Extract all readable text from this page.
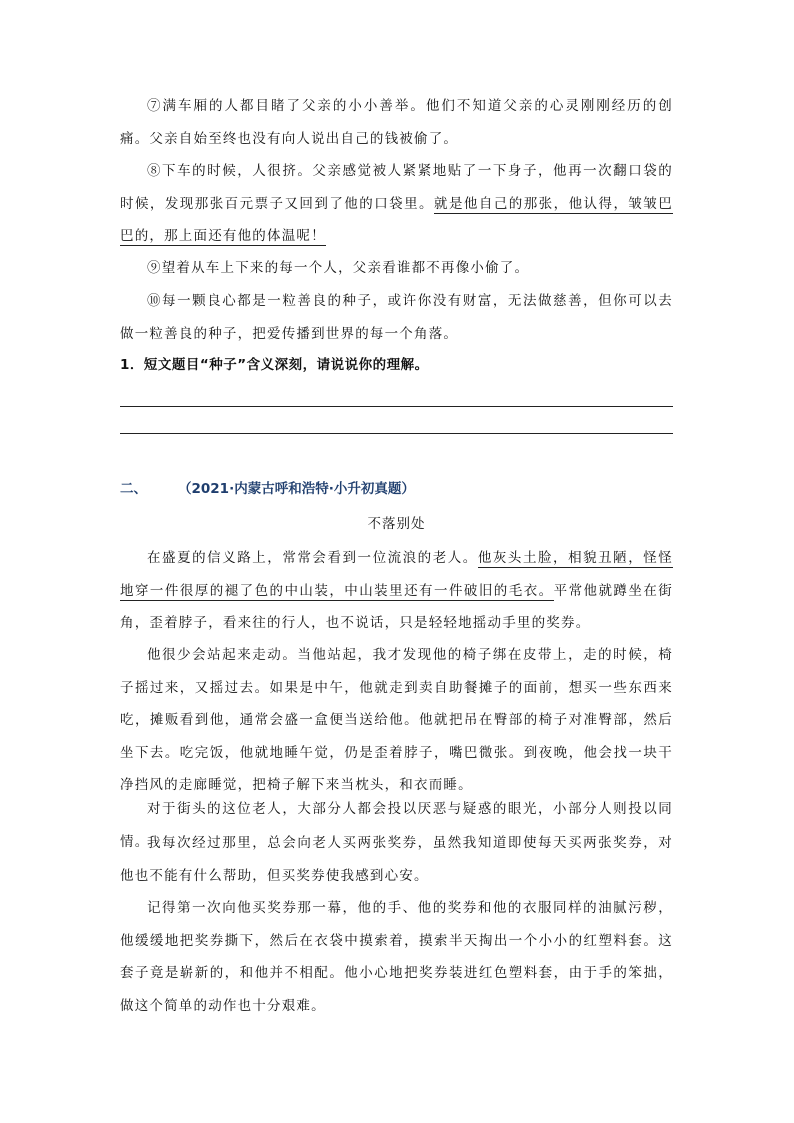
⑦满车厢的人都目睹了父亲的小小善举。他们不知道父亲的心灵刚刚经历的创痛。父亲自始至终也没有向人说出自己的钱被偷了。

⑧下车的时候，人很挤。父亲感觉被人紧紧地贴了一下身子，他再一次翻口袋的时候，发现那张百元票子又回到了他的口袋里。就是他自己的那张，他认得，皱皱巴巴的，那上面还有他的体温呢！

⑨望着从车上下来的每一个人，父亲看谁都不再像小偷了。

⑩每一颗良心都是一粒善良的种子，或许你没有财富，无法做慈善，但你可以去做一粒善良的种子，把爱传播到世界的每一个角落。

1．短文题目“种子”含义深刻，请说说你的理解。
二、 （2021·内蒙古呼和浩特·小升初真题）
不落别处

在盛夏的信义路上，常常会看到一位流浪的老人。他灰头土脸，相貌丑陋，怪怪地穿一件很厚的褪了色的中山装，中山装里还有一件破旧的毛衣。平常他就蹲坐在街角，歪着脖子，看来往的行人，也不说话，只是轻轻地摇动手里的奖券。

他很少会站起来走动。当他站起，我才发现他的椅子绑在皮带上，走的时候，椅子摇过来，又摇过去。如果是中午，他就走到卖自助餐摊子的面前，想买一些东西来吃，摊贩看到他，通常会盛一盒便当送给他。他就把吊在臀部的椅子对准臀部，然后坐下去。吃完饭，他就地睡午觉，仍是歪着脖子，嘴巴微张。到夜晚，他会找一块干净挡风的走廊睡觉，把椅子解下来当枕头，和衣而睡。

对于街头的这位老人，大部分人都会投以厌恶与疑惑的眼光，小部分人则投以同情。

我每次经过那里，总会向老人买两张奖券，虽然我知道即使每天买两张奖券，对他也不能有什么帮助，但买奖券使我感到心安。

记得第一次向他买奖券那一幕，他的手、他的奖券和他的衣服同样的油腻污秽，他缓缓地把奖券撕下，然后在衣袋中摸索着，摸索半天掏出一个小小的红塑料套。这套子竟是崭新的，和他并不相配。他小心地把奖券装进红色塑料套，由于手的笨拙，做这个简单的动作也十分艰难。
